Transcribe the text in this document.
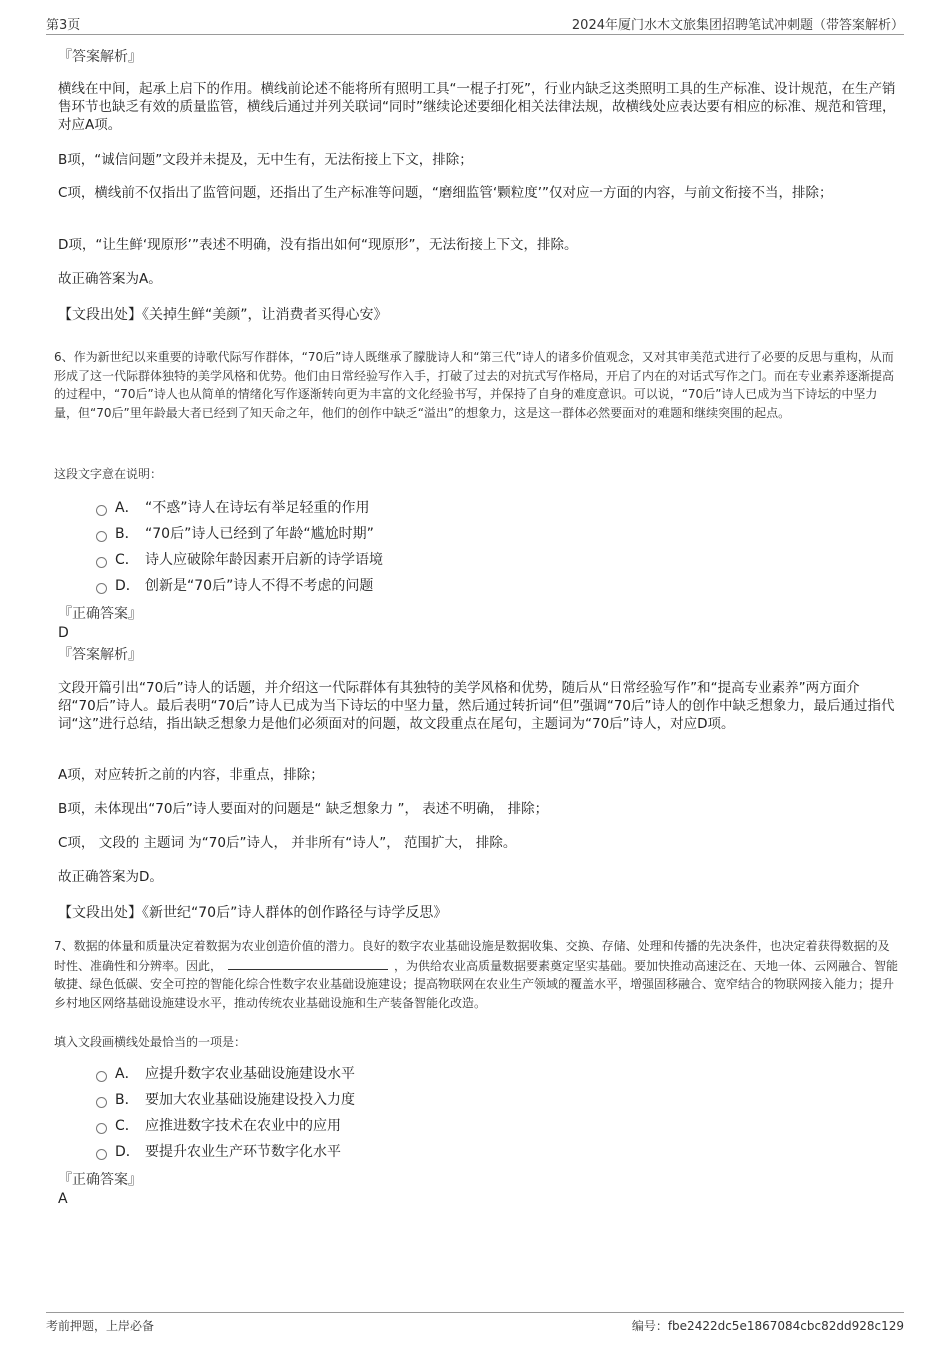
第3页	2024年厦门水木文旅集团招聘笔试冲刺题（带答案解析）
『答案解析』

横线在中间，起承上启下的作用。横线前论述不能将所有照明工具“一棍子打死”，行业内缺乏这类照明工具的生产标准、设计规范，在生产销售环节也缺乏有效的质量监管，横线后通过并列关联词“同时”继续论述要细化相关法律法规，故横线处应表达要有相应的标准、规范和管理，对应A项。

B项，“诚信问题”文段并未提及，无中生有，无法衔接上下文，排除；

C项，横线前不仅指出了监管问题，还指出了生产标准等问题，“磨细监管‘颗粒度’”仅对应一方面的内容，与前文衔接不当，排除；

D项，“让生鲜‘现原形’”表述不明确，没有指出如何“现原形”，无法衔接上下文，排除。

故正确答案为A。

【文段出处】《关掉生鲜“美颜”，让消费者买得心安》

6、作为新世纪以来重要的诗歌代际写作群体，“70后”诗人既继承了朦胧诗人和“第三代”诗人的诸多价值观念，又对其审美范式进行了必要的反思与重构，从而形成了这一代际群体独特的美学风格和优势。他们由日常经验写作入手，打破了过去的对抗式写作格局，开启了内在的对话式写作之门。而在专业素养逐渐提高的过程中，“70后”诗人也从简单的情绪化写作逐渐转向更为丰富的文化经验书写，并保持了自身的难度意识。可以说，“70后”诗人已成为当下诗坛的中坚力量，但“70后”里年龄最大者已经到了知天命之年，他们的创作中缺乏“溢出”的想象力，这是这一群体必然要面对的难题和继续突围的起点。

这段文字意在说明：
A． “不惑”诗人在诗坛有举足轻重的作用
B． “70后”诗人已经到了年龄“尴尬时期”
C． 诗人应破除年龄因素开启新的诗学语境
D． 创新是“70后”诗人不得不考虑的问题
『正确答案』
D
『答案解析』

文段开篇引出“70后”诗人的话题，并介绍这一代际群体有其独特的美学风格和优势，随后从“日常经验写作”和“提高专业素养”两方面介绍“70后”诗人。最后表明“70后”诗人已成为当下诗坛的中坚力量，然后通过转折词“但”强调“70后”诗人的创作中缺乏想象力，最后通过指代词“这”进行总结，指出缺乏想象力是他们必须面对的问题，故文段重点在尾句，主题词为“70后”诗人，对应D项。

A项，对应转折之前的内容，非重点，排除；

B项，未体现出“70后”诗人要面对的问题是“ 缺乏想象力 ”， 表述不明确， 排除；

C项， 文段的 主题词 为“70后”诗人， 并非所有“诗人”， 范围扩大， 排除。

故正确答案为D。

【文段出处】《新世纪“70后”诗人群体的创作路径与诗学反思》

7、数据的体量和质量决定着数据为农业创造价值的潜力。良好的数字农业基础设施是数据收集、交换、存储、处理和传播的先决条件，也决定着获得数据的及时性、准确性和分辨率。因此，	，为供给农业高质量数据要素奠定坚实基础。要加快推动高速泛在、天地一体、云网融合、智能敏捷、绿色低碳、安全可控的智能化综合性数字农业基础设施建设；提高物联网在农业生产领域的覆盖水平，增强固移融合、宽窄结合的物联网接入能力；提升乡村地区网络基础设施建设水平，推动传统农业基础设施和生产装备智能化改造。

填入文段画横线处最恰当的一项是：
A． 应提升数字农业基础设施建设水平
B． 要加大农业基础设施建设投入力度
C． 应推进数字技术在农业中的应用
D． 要提升农业生产环节数字化水平
『正确答案』
A
考前押题，上岸必备	编号：fbe2422dc5e1867084cbc82dd928c129
